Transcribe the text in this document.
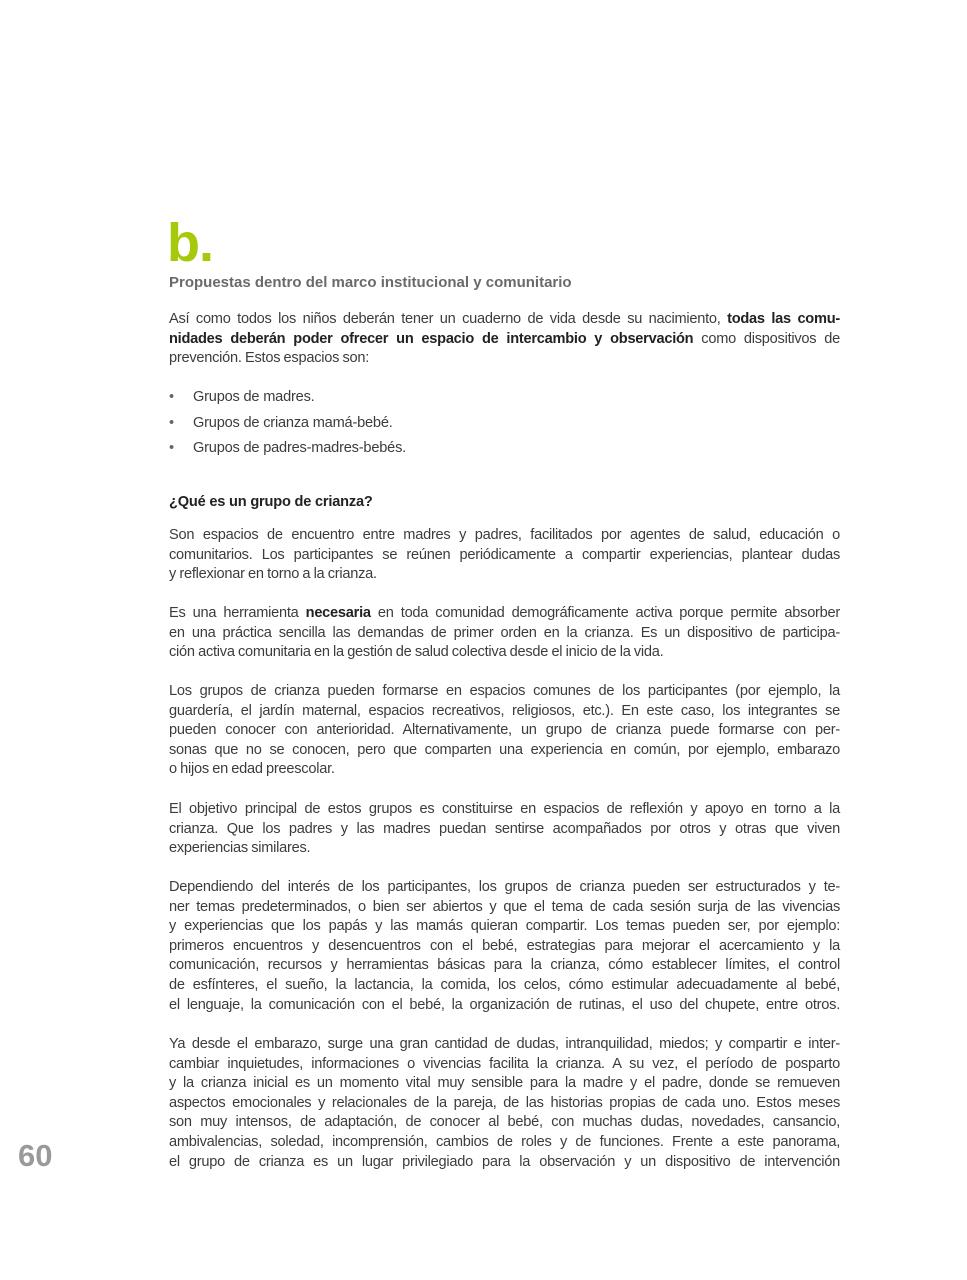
b.
Propuestas dentro del marco institucional y comunitario
Así como todos los niños deberán tener un cuaderno de vida desde su nacimiento, todas las comu-
nidades deberán poder ofrecer un espacio de intercambio y observación como dispositivos de
prevención. Estos espacios son:
• Grupos de madres.
• Grupos de crianza mamá-bebé.
• Grupos de padres-madres-bebés.
¿Qué es un grupo de crianza?
Son espacios de encuentro entre madres y padres, facilitados por agentes de salud, educación o
comunitarios. Los participantes se reúnen periódicamente a compartir experiencias, plantear dudas
y reflexionar en torno a la crianza.
Es una herramienta necesaria en toda comunidad demográficamente activa porque permite absorber
en una práctica sencilla las demandas de primer orden en la crianza. Es un dispositivo de participa-
ción activa comunitaria en la gestión de salud colectiva desde el inicio de la vida.
Los grupos de crianza pueden formarse en espacios comunes de los participantes (por ejemplo, la
guardería, el jardín maternal, espacios recreativos, religiosos, etc.). En este caso, los integrantes se
pueden conocer con anterioridad. Alternativamente, un grupo de crianza puede formarse con per-
sonas que no se conocen, pero que comparten una experiencia en común, por ejemplo, embarazo
o hijos en edad preescolar.
El objetivo principal de estos grupos es constituirse en espacios de reflexión y apoyo en torno a la
crianza. Que los padres y las madres puedan sentirse acompañados por otros y otras que viven
experiencias similares.
Dependiendo del interés de los participantes, los grupos de crianza pueden ser estructurados y te-
ner temas predeterminados, o bien ser abiertos y que el tema de cada sesión surja de las vivencias
y experiencias que los papás y las mamás quieran compartir. Los temas pueden ser, por ejemplo:
primeros encuentros y desencuentros con el bebé, estrategias para mejorar el acercamiento y la
comunicación, recursos y herramientas básicas para la crianza, cómo establecer límites, el control
de esfínteres, el sueño, la lactancia, la comida, los celos, cómo estimular adecuadamente al bebé,
el lenguaje, la comunicación con el bebé, la organización de rutinas, el uso del chupete, entre otros.
Ya desde el embarazo, surge una gran cantidad de dudas, intranquilidad, miedos; y compartir e inter-
cambiar inquietudes, informaciones o vivencias facilita la crianza. A su vez, el período de posparto
y la crianza inicial es un momento vital muy sensible para la madre y el padre, donde se remueven
aspectos emocionales y relacionales de la pareja, de las historias propias de cada uno. Estos meses
son muy intensos, de adaptación, de conocer al bebé, con muchas dudas, novedades, cansancio,
ambivalencias, soledad, incomprensión, cambios de roles y de funciones. Frente a este panorama,
el grupo de crianza es un lugar privilegiado para la observación y un dispositivo de intervención
60
